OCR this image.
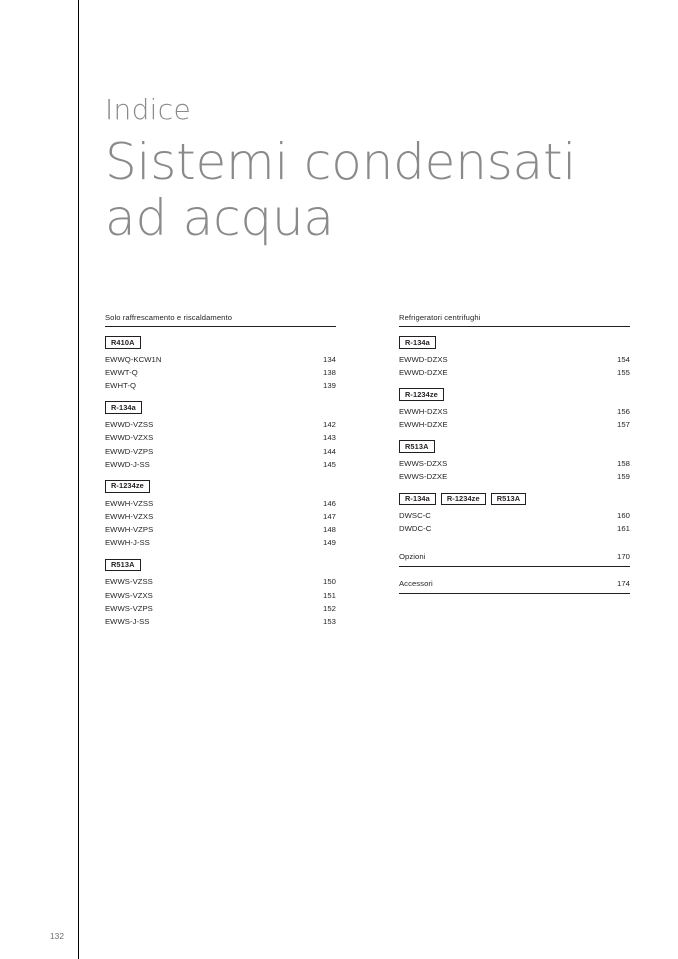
Indice
Sistemi condensati
ad acqua
Solo raffrescamento e riscaldamento
R410A
EWWQ-KCW1N	134
EWWT-Q	138
EWHT-Q	139
R-134a
EWWD-VZSS	142
EWWD-VZXS	143
EWWD-VZPS	144
EWWD-J-SS	145
R-1234ze
EWWH-VZSS	146
EWWH-VZXS	147
EWWH-VZPS	148
EWWH-J-SS	149
R513A
EWWS-VZSS	150
EWWS-VZXS	151
EWWS-VZPS	152
EWWS-J-SS	153
Refrigeratori centrifughi
R-134a
EWWD-DZXS	154
EWWD-DZXE	155
R-1234ze
EWWH-DZXS	156
EWWH-DZXE	157
R513A
EWWS-DZXS	158
EWWS-DZXE	159
R-134a	R-1234ze	R513A
DWSC-C	160
DWDC-C	161
Opzioni	170
Accessori	174
132
